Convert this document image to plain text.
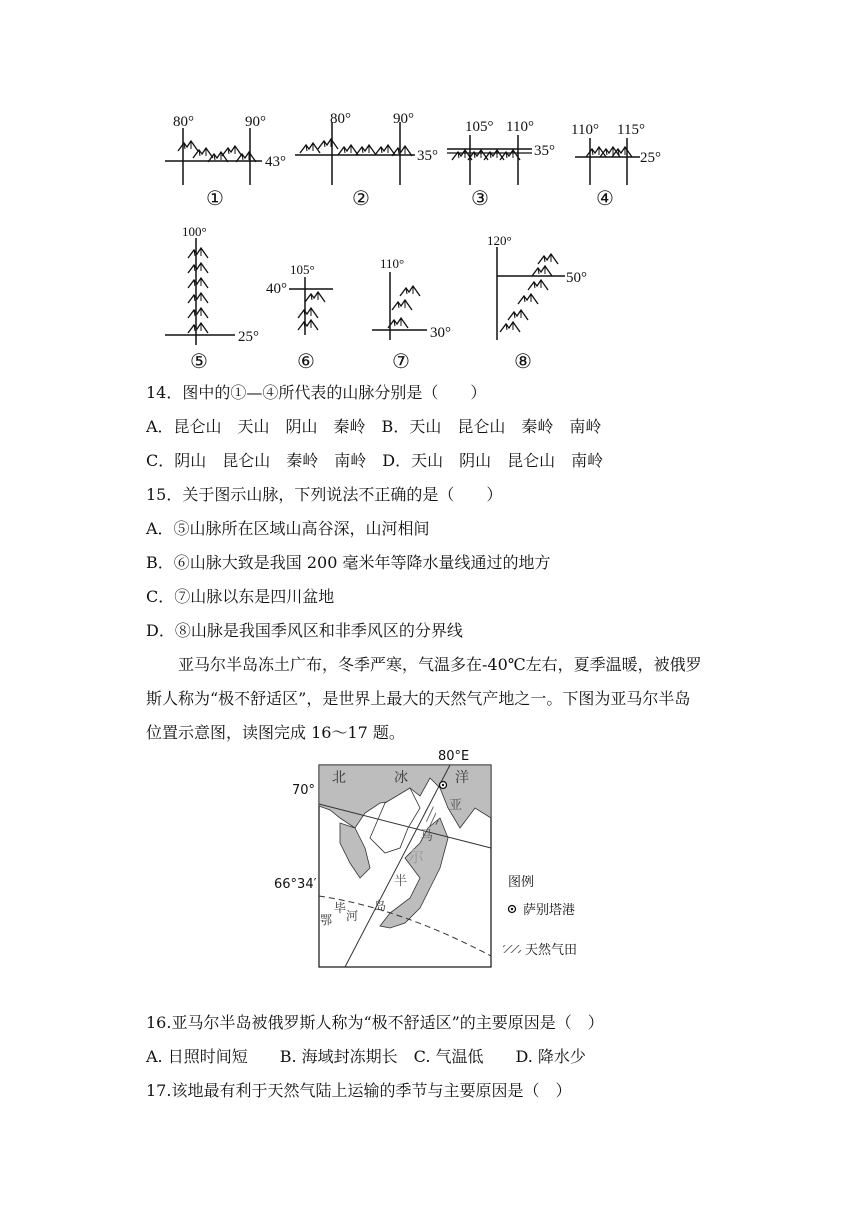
80°	90°
43°
①
80°	90°
35°
②
105° 110°
35°
③
110° 115°
25°
④
100°
25°
⑤
105°
40°
⑥
110°
30°
⑦
120°
50°
⑧
14．图中的①—④所代表的山脉分别是（　　）
A．昆仑山　天山　阴山　秦岭　B．天山　昆仑山　秦岭　南岭
C．阴山　昆仑山　秦岭　南岭　D．天山　阴山　昆仑山　南岭
15．关于图示山脉，下列说法不正确的是（　　）
A．⑤山脉所在区域山高谷深，山河相间
B．⑥山脉大致是我国 200 毫米年等降水量线通过的地方
C．⑦山脉以东是四川盆地
D．⑧山脉是我国季风区和非季风区的分界线
亚马尔半岛冻土广布，冬季严寒，气温多在-40℃左右，夏季温暖，被俄罗
斯人称为“极不舒适区”，是世界上最大的天然气产地之一。下图为亚马尔半岛
位置示意图，读图完成 16～17 题。
80°E
70°
66°34′
北	冰	洋
亚
马
尔
半
岛
鄂
毕
河
图例
萨别塔港
天然气田
16.亚马尔半岛被俄罗斯人称为“极不舒适区”的主要原因是（　）
A. 日照时间短　　B. 海域封冻期长　C. 气温低　　D. 降水少
17.该地最有利于天然气陆上运输的季节与主要原因是（　）
